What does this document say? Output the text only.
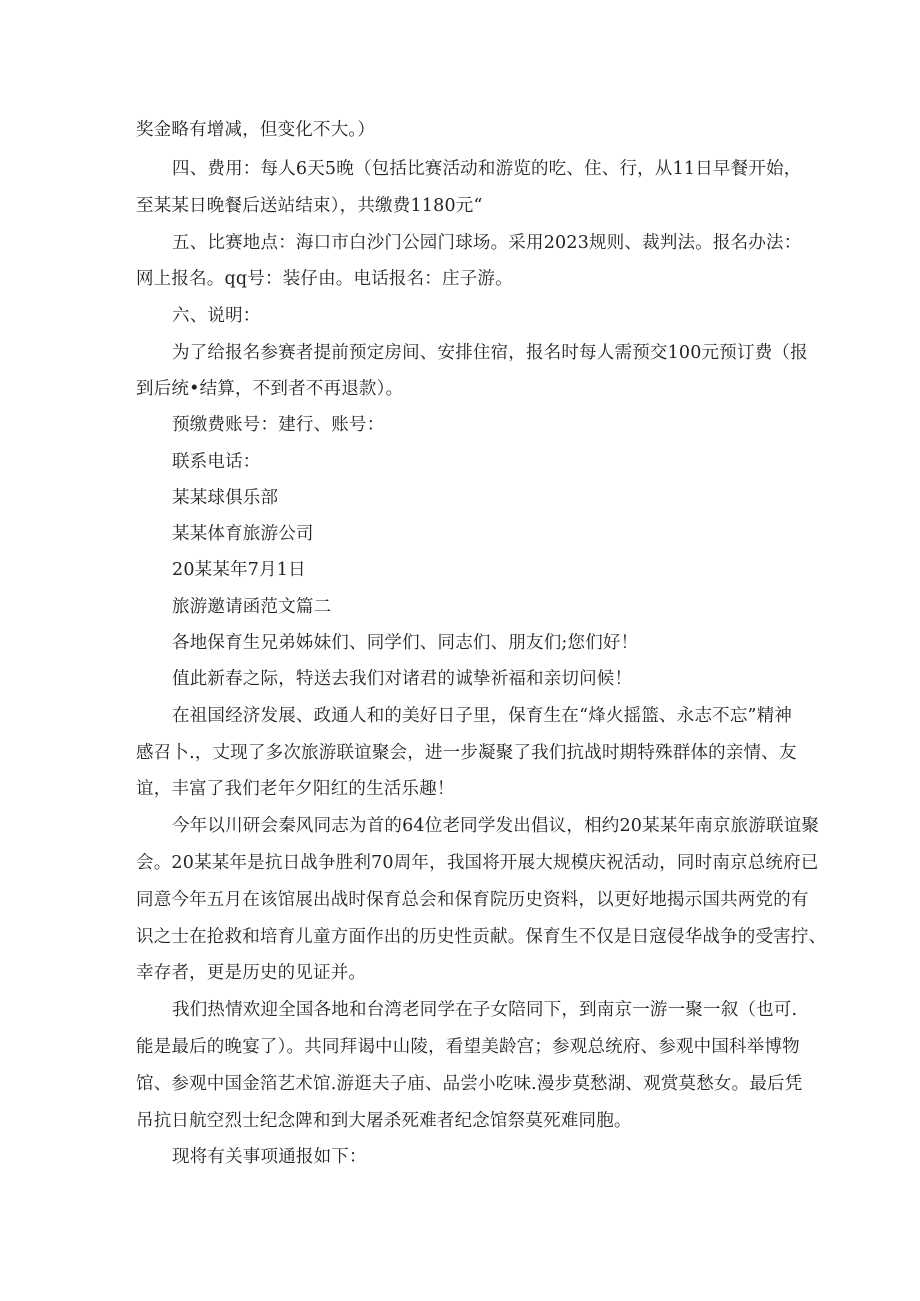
奖金略有增减，但变化不大。）
四、费用：每人6天5晚（包括比赛活动和游览的吃、住、行，从11日早餐开始，
至某某日晚餐后送站结束），共缴费1180元“
五、比赛地点：海口市白沙门公园门球场。采用2023规则、裁判法。报名办法：
网上报名。qq号：装仔由。电话报名：庄子游。
六、说明：
为了给报名参赛者提前预定房间、安排住宿，报名时每人需预交100元预订费（报
到后统•结算，不到者不再退款）。
预缴费账号：建行、账号：
联系电话：
某某球俱乐部
某某体育旅游公司
20某某年7月1日
旅游邀请函范文篇二
各地保育生兄弟姊妹们、同学们、同志们、朋友们;您们好！
值此新春之际，特送去我们对诸君的诚挚祈福和亲切问候！
在祖国经济发展、政通人和的美好日子里，保育生在“烽火摇篮、永志不忘”精神
感召卜.，丈现了多次旅游联谊聚会，进一步凝聚了我们抗战时期特殊群体的亲情、友
谊，丰富了我们老年夕阳红的生活乐趣！
今年以川研会秦风同志为首的64位老同学发出倡议，相约20某某年南京旅游联谊聚
会。20某某年是抗日战争胜利70周年，我国将开展大规模庆祝活动，同时南京总统府已
同意今年五月在该馆展出战时保育总会和保育院历史资料，以更好地揭示国共两党的有
识之士在抢救和培育儿童方面作出的历史性贡献。保育生不仅是日寇侵华战争的受害拧、
幸存者，更是历史的见证并。
我们热情欢迎全国各地和台湾老同学在子女陪同下，到南京一游一聚一叙（也可.
能是最后的晚宴了）。共同拜谒中山陵，看望美龄宫；参观总统府、参观中国科举博物
馆、参观中国金箔艺术馆.游逛夫子庙、品尝小吃味.漫步莫愁湖、观赏莫愁女。最后凭
吊抗日航空烈士纪念陴和到大屠杀死难者纪念馆祭莫死难同胞。
现将有关事项通报如下：
